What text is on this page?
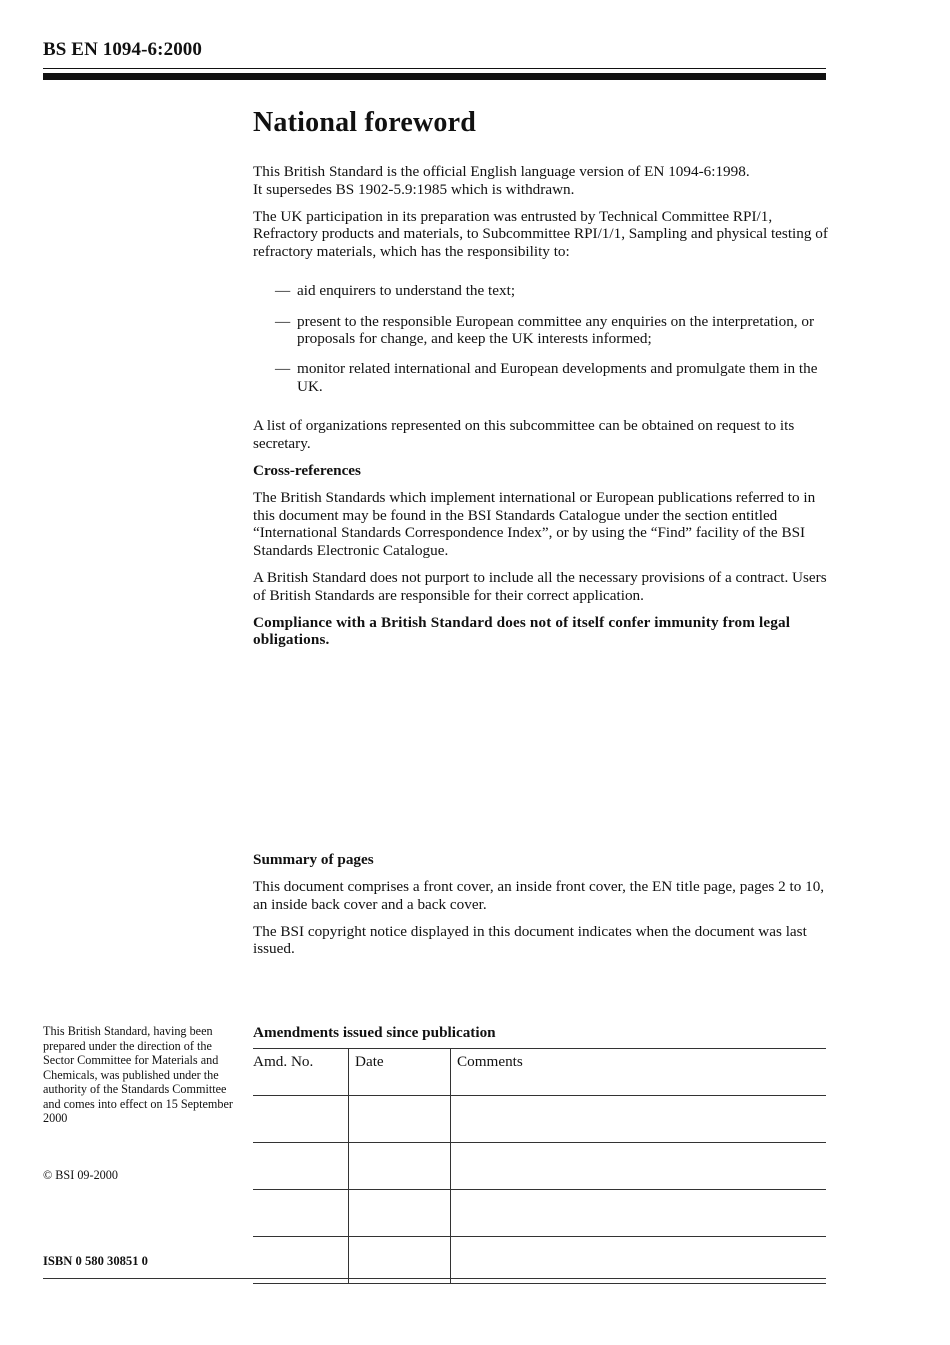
BS EN 1094-6:2000
National foreword

This British Standard is the official English language version of EN 1094-6:1998.
It supersedes BS 1902-5.9:1985 which is withdrawn.

The UK participation in its preparation was entrusted by Technical Committee RPI/1, Refractory products and materials, to Subcommittee RPI/1/1, Sampling and physical testing of refractory materials, which has the responsibility to:

— aid enquirers to understand the text;
— present to the responsible European committee any enquiries on the interpretation, or proposals for change, and keep the UK interests informed;
— monitor related international and European developments and promulgate them in the UK.

A list of organizations represented on this subcommittee can be obtained on request to its secretary.

Cross-references

The British Standards which implement international or European publications referred to in this document may be found in the BSI Standards Catalogue under the section entitled “International Standards Correspondence Index”, or by using the “Find” facility of the BSI Standards Electronic Catalogue.

A British Standard does not purport to include all the necessary provisions of a contract. Users of British Standards are responsible for their correct application.

Compliance with a British Standard does not of itself confer immunity from legal obligations.

Summary of pages

This document comprises a front cover, an inside front cover, the EN title page, pages 2 to 10, an inside back cover and a back cover.

The BSI copyright notice displayed in this document indicates when the document was last issued.

This British Standard, having been prepared under the direction of the Sector Committee for Materials and Chemicals, was published under the authority of the Standards Committee and comes into effect on 15 September 2000

© BSI 09-2000
ISBN 0 580 30851 0
Amendments issued since publication
Amd. No.	Date	Comments
